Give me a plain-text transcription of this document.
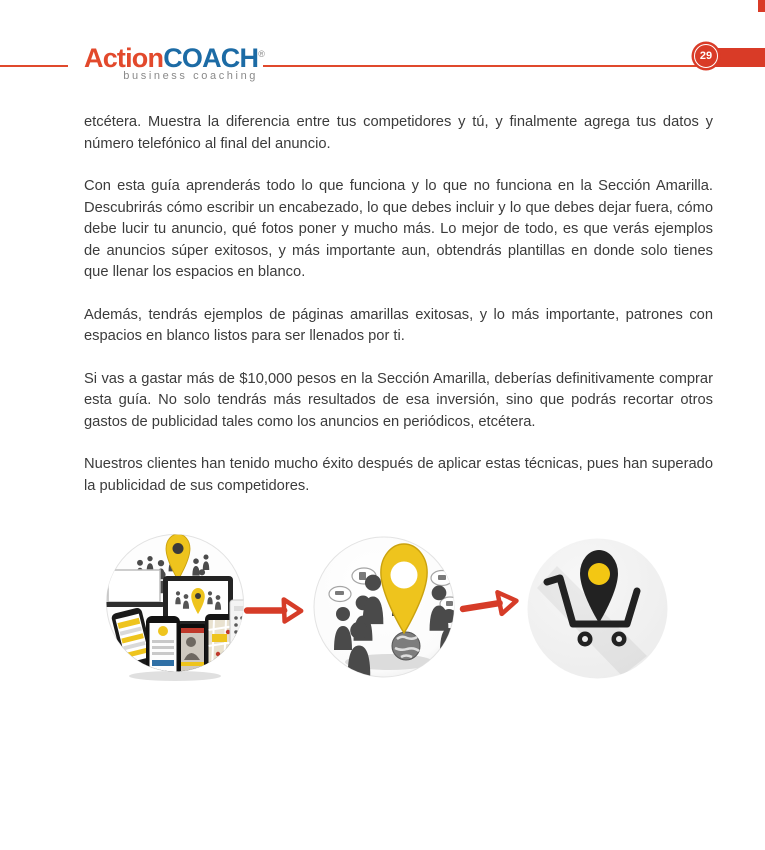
ActionCOACH®
business coaching
29

etcétera. Muestra la diferencia entre tus competidores y tú, y finalmente agrega tus datos y número telefónico al final del anuncio.

Con esta guía aprenderás todo lo que funciona y lo que no funciona en la Sección Amarilla. Descubrirás cómo escribir un encabezado, lo que debes incluir y lo que debes dejar fuera, cómo debe lucir tu anuncio, qué fotos poner y mucho más. Lo mejor de todo, es que verás ejemplos de anuncios súper exitosos, y más importante aun, obtendrás plantillas en donde solo tienes que llenar los espacios en blanco.

Además, tendrás ejemplos de páginas amarillas exitosas, y lo más importante, patrones con espacios en blanco listos para ser llenados por ti.

Si vas a gastar más de $10,000 pesos en la Sección Amarilla, deberías definitivamente comprar esta guía. No solo tendrás más resultados de esa inversión, sino que podrás recortar otros gastos de publicidad tales como los anuncios en periódicos, etcétera.

Nuestros clientes han tenido mucho éxito después de aplicar estas técnicas, pues han superado la publicidad de sus competidores.
